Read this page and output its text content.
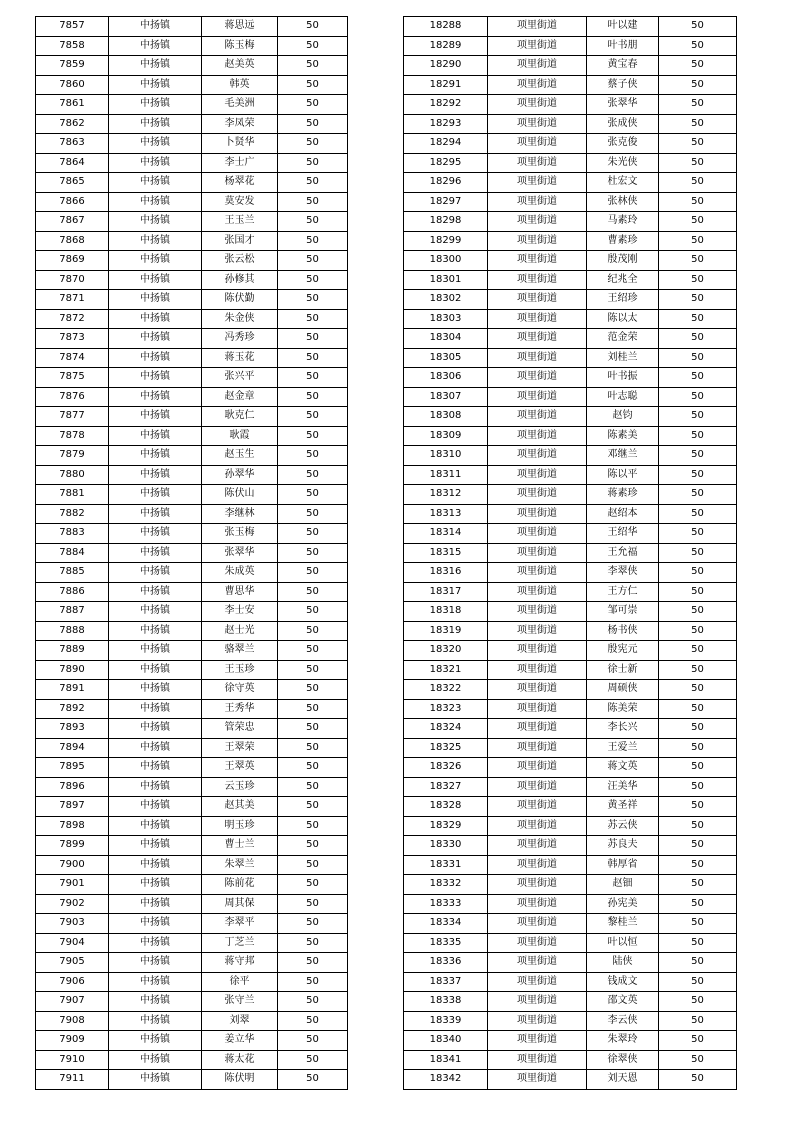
7857	中扬镇	蒋思远	50
7858	中扬镇	陈玉梅	50
7859	中扬镇	赵美英	50
7860	中扬镇	韩英	50
7861	中扬镇	毛美洲	50
7862	中扬镇	李凤荣	50
7863	中扬镇	卜贤华	50
7864	中扬镇	李士广	50
7865	中扬镇	杨翠花	50
7866	中扬镇	莫安发	50
7867	中扬镇	王玉兰	50
7868	中扬镇	张国才	50
7869	中扬镇	张云松	50
7870	中扬镇	孙修其	50
7871	中扬镇	陈伏勤	50
7872	中扬镇	朱金侠	50
7873	中扬镇	冯秀珍	50
7874	中扬镇	蒋玉花	50
7875	中扬镇	张兴平	50
7876	中扬镇	赵金章	50
7877	中扬镇	耿克仁	50
7878	中扬镇	耿霞	50
7879	中扬镇	赵玉生	50
7880	中扬镇	孙翠华	50
7881	中扬镇	陈伏山	50
7882	中扬镇	李继林	50
7883	中扬镇	张玉梅	50
7884	中扬镇	张翠华	50
7885	中扬镇	朱成英	50
7886	中扬镇	曹思华	50
7887	中扬镇	李士安	50
7888	中扬镇	赵士光	50
7889	中扬镇	骆翠兰	50
7890	中扬镇	王玉珍	50
7891	中扬镇	徐守英	50
7892	中扬镇	王秀华	50
7893	中扬镇	管荣忠	50
7894	中扬镇	王翠荣	50
7895	中扬镇	王翠英	50
7896	中扬镇	云玉珍	50
7897	中扬镇	赵其美	50
7898	中扬镇	明玉珍	50
7899	中扬镇	曹士兰	50
7900	中扬镇	朱翠兰	50
7901	中扬镇	陈前花	50
7902	中扬镇	周其保	50
7903	中扬镇	李翠平	50
7904	中扬镇	丁芝兰	50
7905	中扬镇	蒋守邦	50
7906	中扬镇	徐平	50
7907	中扬镇	张守兰	50
7908	中扬镇	刘翠	50
7909	中扬镇	姜立华	50
7910	中扬镇	蒋太花	50
7911	中扬镇	陈伏明	50
18288	项里街道	叶以建	50
18289	项里街道	叶书朋	50
18290	项里街道	黄宝春	50
18291	项里街道	蔡子侠	50
18292	项里街道	张翠华	50
18293	项里街道	张成侠	50
18294	项里街道	张克俊	50
18295	项里街道	朱光侠	50
18296	项里街道	杜宏文	50
18297	项里街道	张林侠	50
18298	项里街道	马素玲	50
18299	项里街道	曹素珍	50
18300	项里街道	殷茂刚	50
18301	项里街道	纪兆全	50
18302	项里街道	王绍珍	50
18303	项里街道	陈以太	50
18304	项里街道	范金荣	50
18305	项里街道	刘桂兰	50
18306	项里街道	叶书振	50
18307	项里街道	叶志聪	50
18308	项里街道	赵钧	50
18309	项里街道	陈素美	50
18310	项里街道	邓继兰	50
18311	项里街道	陈以平	50
18312	项里街道	蒋素珍	50
18313	项里街道	赵绍本	50
18314	项里街道	王绍华	50
18315	项里街道	王允福	50
18316	项里街道	李翠侠	50
18317	项里街道	王方仁	50
18318	项里街道	邹可崇	50
18319	项里街道	杨书侠	50
18320	项里街道	殷宪元	50
18321	项里街道	徐士新	50
18322	项里街道	周硕侠	50
18323	项里街道	陈美荣	50
18324	项里街道	李长兴	50
18325	项里街道	王爱兰	50
18326	项里街道	蒋文英	50
18327	项里街道	汪美华	50
18328	项里街道	黄圣祥	50
18329	项里街道	苏云侠	50
18330	项里街道	苏良夫	50
18331	项里街道	韩厚省	50
18332	项里街道	赵钿	50
18333	项里街道	孙宪美	50
18334	项里街道	黎桂兰	50
18335	项里街道	叶以恒	50
18336	项里街道	陆侠	50
18337	项里街道	钱成文	50
18338	项里街道	邵文英	50
18339	项里街道	李云侠	50
18340	项里街道	朱翠玲	50
18341	项里街道	徐翠侠	50
18342	项里街道	刘天恩	50
